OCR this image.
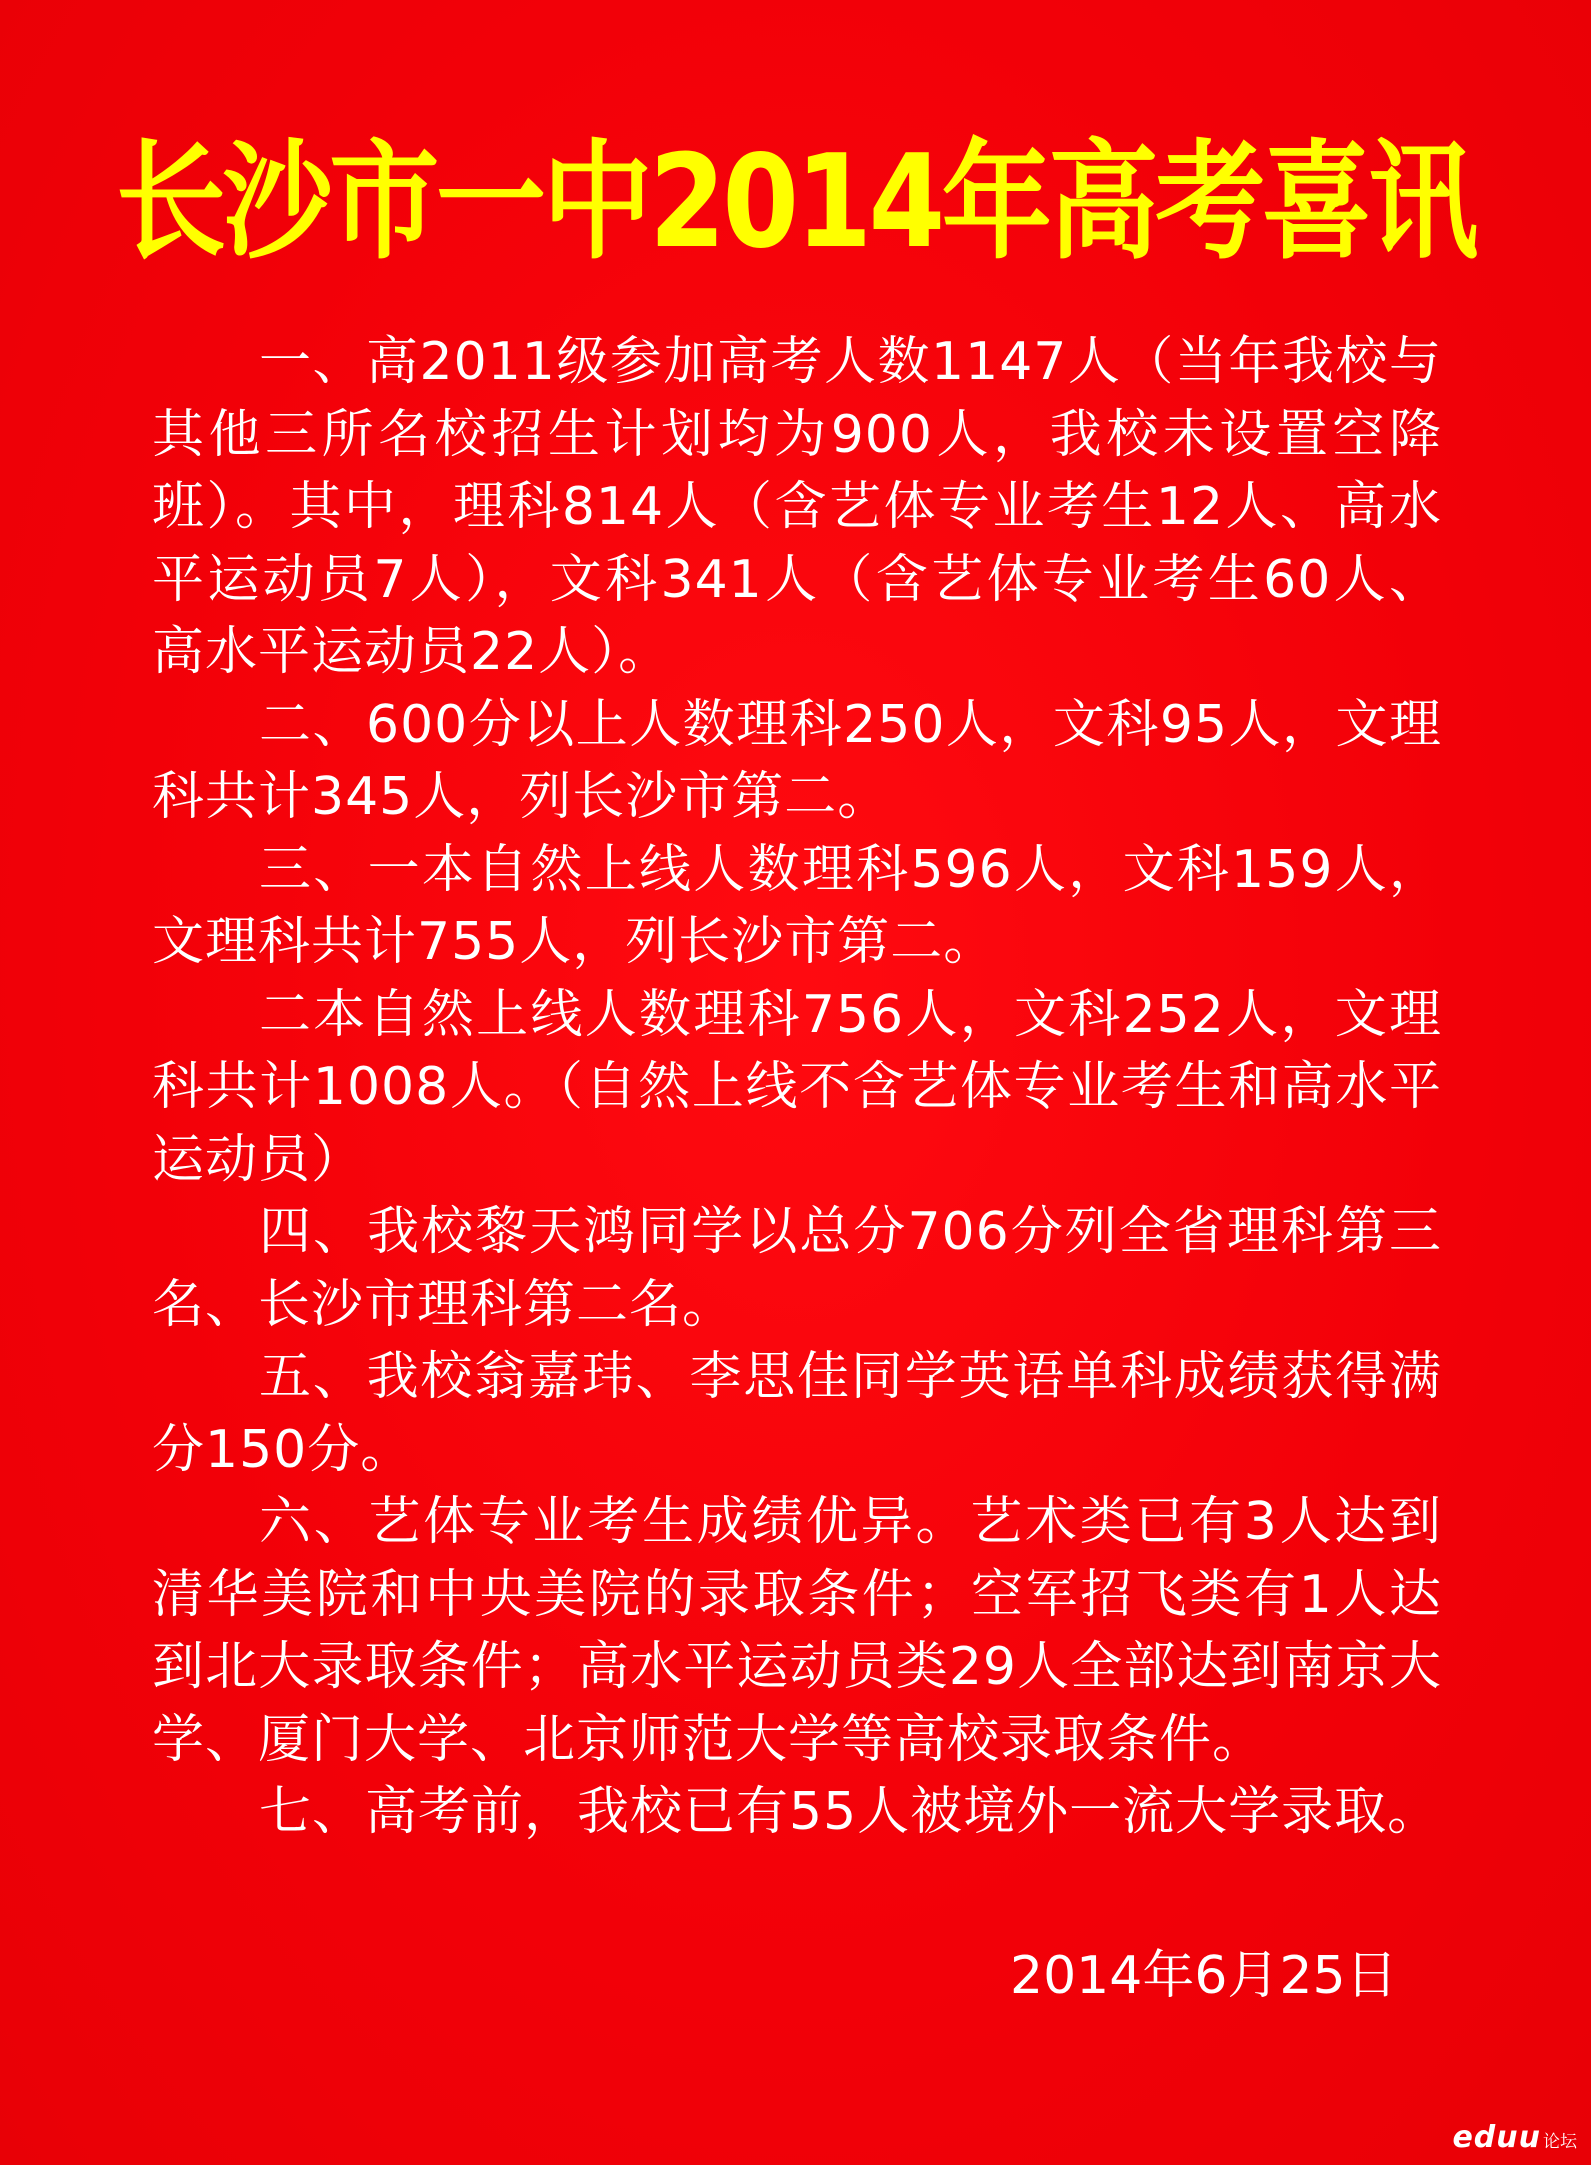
长沙市一中2014年高考喜讯

一、高2011级参加高考人数1147人（当年我校与其他三所名校招生计划均为900人，我校未设置空降班）。其中，理科814人（含艺体专业考生12人、高水平运动员7人），文科341人（含艺体专业考生60人、高水平运动员22人）。

二、600分以上人数理科250人，文科95人，文理科共计345人，列长沙市第二。

三、一本自然上线人数理科596人，文科159人，文理科共计755人，列长沙市第二。

二本自然上线人数理科756人，文科252人，文理科共计1008人。（自然上线不含艺体专业考生和高水平运动员）

四、我校黎天鸿同学以总分706分列全省理科第三名、长沙市理科第二名。

五、我校翁嘉玮、李思佳同学英语单科成绩获得满分150分。

六、艺体专业考生成绩优异。艺术类已有3人达到清华美院和中央美院的录取条件；空军招飞类有1人达到北大录取条件；高水平运动员类29人全部达到南京大学、厦门大学、北京师范大学等高校录取条件。

七、高考前，我校已有55人被境外一流大学录取。

2014年6月25日
eduu 论坛
